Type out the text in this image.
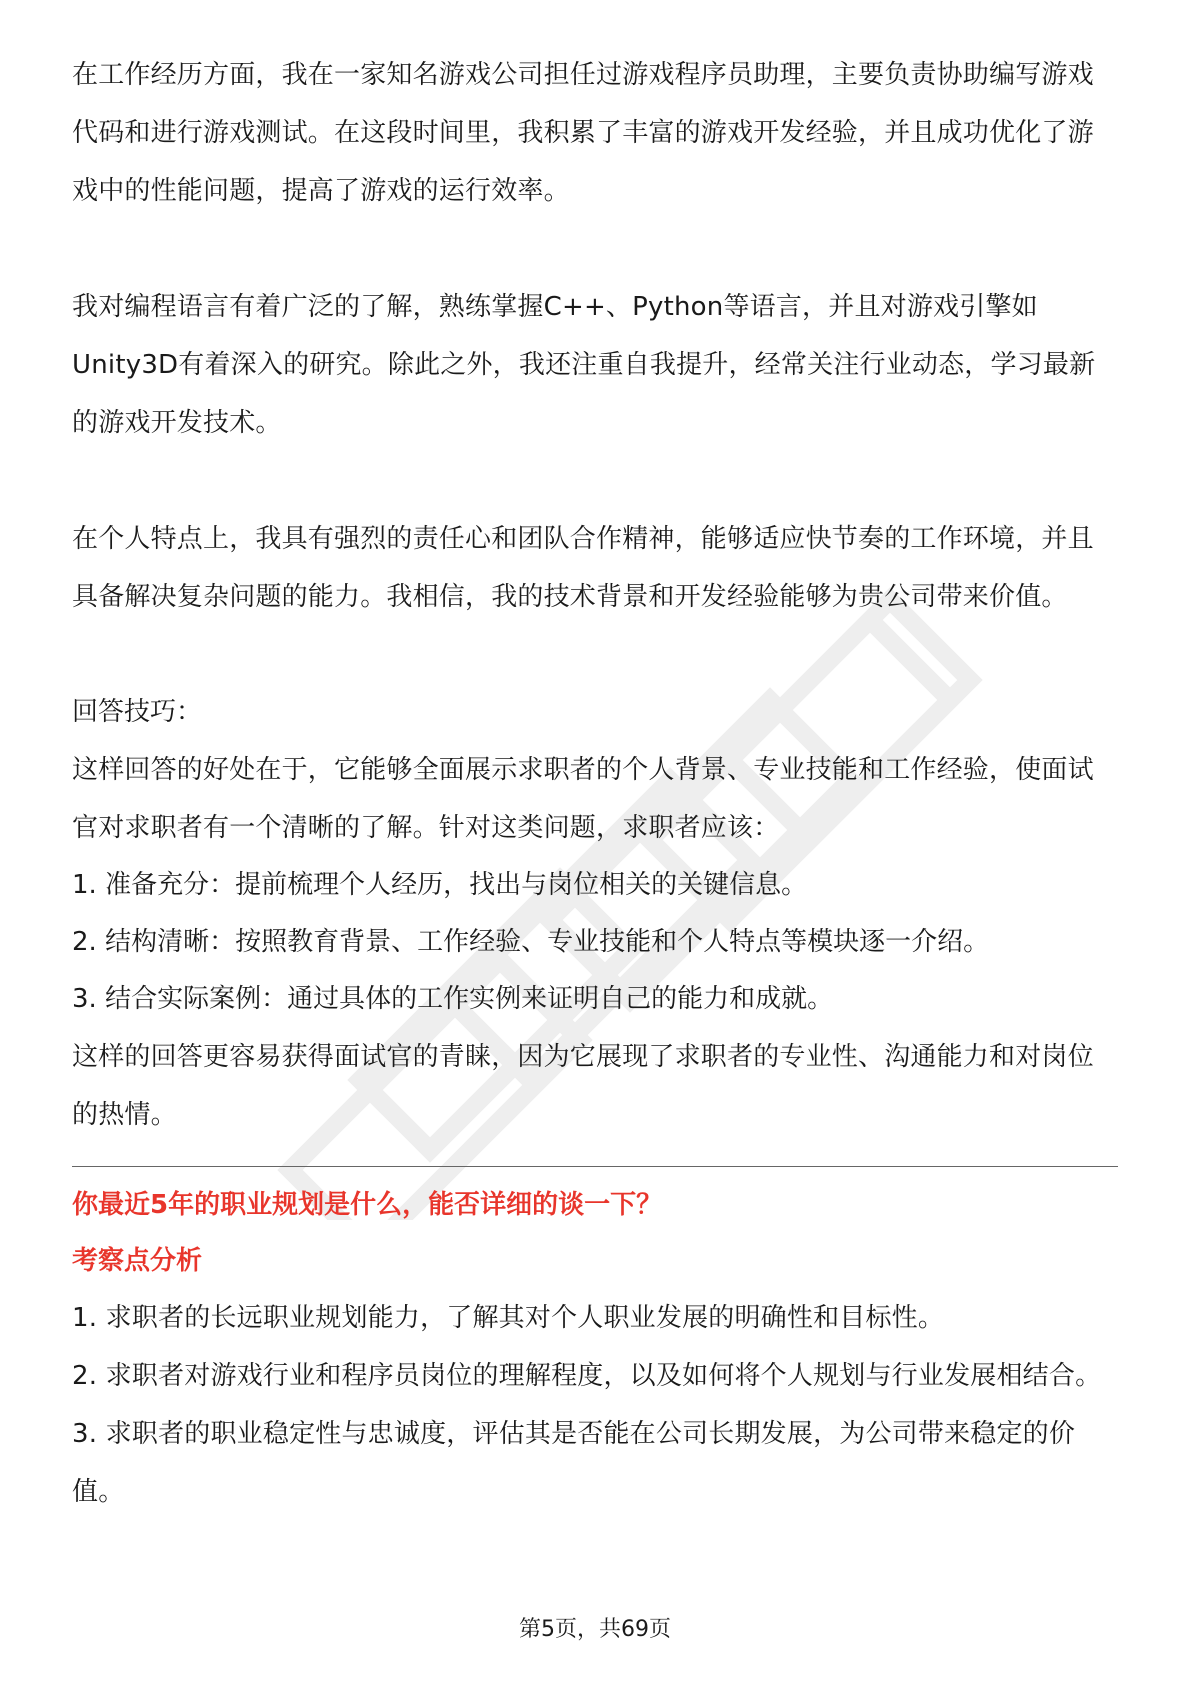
在工作经历方面，我在一家知名游戏公司担任过游戏程序员助理，主要负责协助编写游戏代码和进行游戏测试。在这段时间里，我积累了丰富的游戏开发经验，并且成功优化了游戏中的性能问题，提高了游戏的运行效率。

我对编程语言有着广泛的了解，熟练掌握C++、Python等语言，并且对游戏引擎如Unity3D有着深入的研究。除此之外，我还注重自我提升，经常关注行业动态，学习最新的游戏开发技术。

在个人特点上，我具有强烈的责任心和团队合作精神，能够适应快节奏的工作环境，并且具备解决复杂问题的能力。我相信，我的技术背景和开发经验能够为贵公司带来价值。

回答技巧：

这样回答的好处在于，它能够全面展示求职者的个人背景、专业技能和工作经验，使面试官对求职者有一个清晰的了解。针对这类问题，求职者应该：

1. 准备充分：提前梳理个人经历，找出与岗位相关的关键信息。

2. 结构清晰：按照教育背景、工作经验、专业技能和个人特点等模块逐一介绍。

3. 结合实际案例：通过具体的工作实例来证明自己的能力和成就。

这样的回答更容易获得面试官的青睐，因为它展现了求职者的专业性、沟通能力和对岗位的热情。

你最近5年的职业规划是什么，能否详细的谈一下？

考察点分析

1. 求职者的长远职业规划能力，了解其对个人职业发展的明确性和目标性。

2. 求职者对游戏行业和程序员岗位的理解程度，以及如何将个人规划与行业发展相结合。

3. 求职者的职业稳定性与忠诚度，评估其是否能在公司长期发展，为公司带来稳定的价值。

第5页，共69页
